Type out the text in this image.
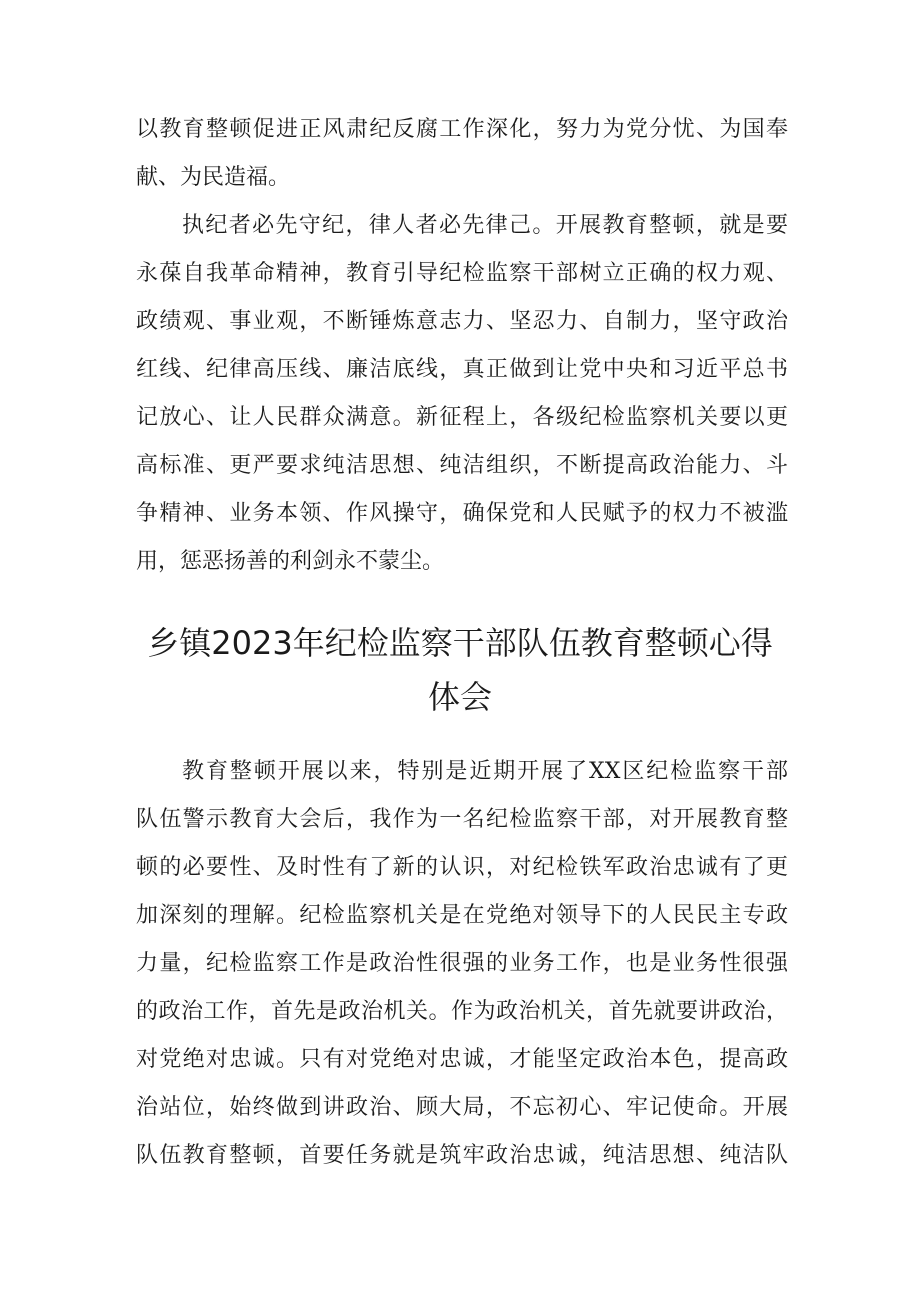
以教育整顿促进正风肃纪反腐工作深化，努力为党分忧、为国奉
献、为民造福。
执纪者必先守纪，律人者必先律己。开展教育整顿，就是要
永葆自我革命精神，教育引导纪检监察干部树立正确的权力观、
政绩观、事业观，不断锤炼意志力、坚忍力、自制力，坚守政治
红线、纪律高压线、廉洁底线，真正做到让党中央和习近平总书
记放心、让人民群众满意。新征程上，各级纪检监察机关要以更
高标准、更严要求纯洁思想、纯洁组织，不断提高政治能力、斗
争精神、业务本领、作风操守，确保党和人民赋予的权力不被滥
用，惩恶扬善的利剑永不蒙尘。
乡镇2023年纪检监察干部队伍教育整顿心得
体会
教育整顿开展以来，特别是近期开展了XX区纪检监察干部
队伍警示教育大会后，我作为一名纪检监察干部，对开展教育整
顿的必要性、及时性有了新的认识，对纪检铁军政治忠诚有了更
加深刻的理解。纪检监察机关是在党绝对领导下的人民民主专政
力量，纪检监察工作是政治性很强的业务工作，也是业务性很强
的政治工作，首先是政治机关。作为政治机关，首先就要讲政治，
对党绝对忠诚。只有对党绝对忠诚，才能坚定政治本色，提高政
治站位，始终做到讲政治、顾大局，不忘初心、牢记使命。开展
队伍教育整顿，首要任务就是筑牢政治忠诚，纯洁思想、纯洁队
